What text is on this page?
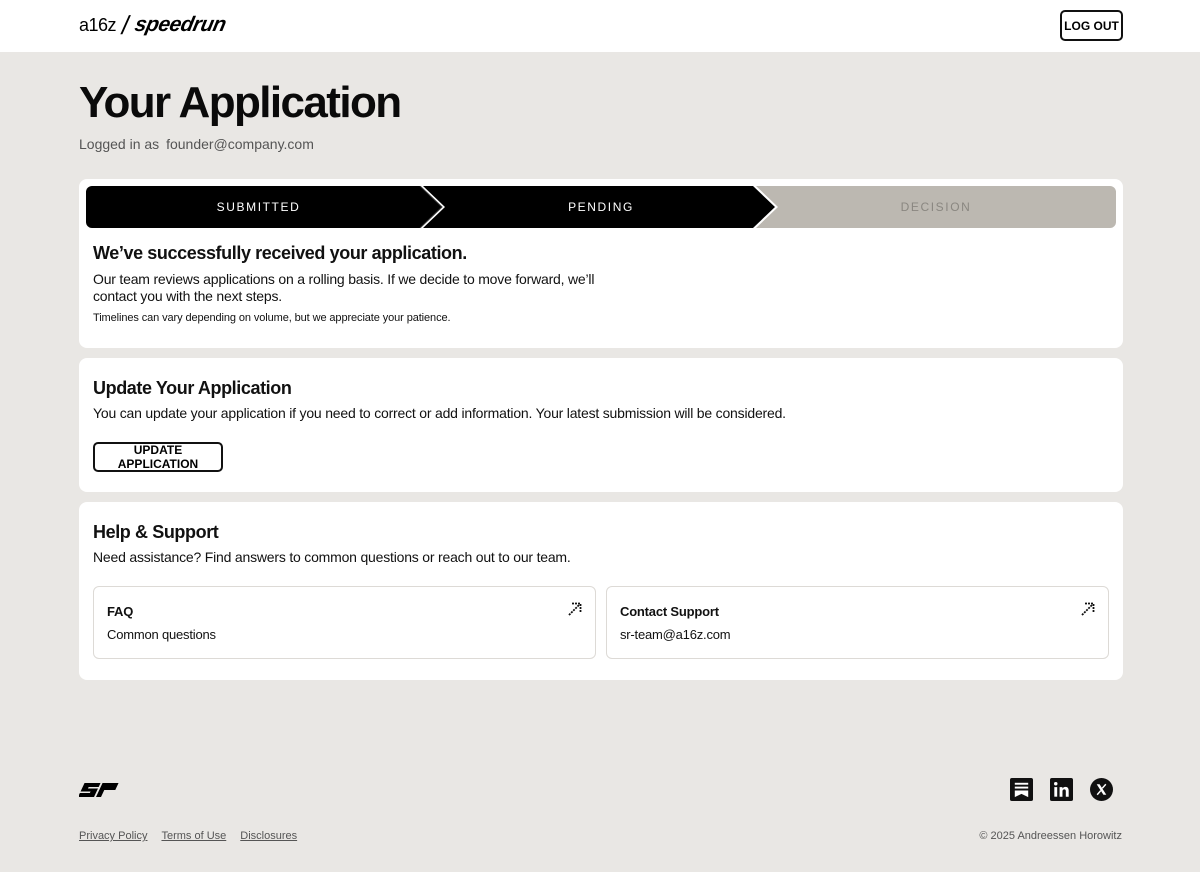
a16z / speedrun	LOG OUT
Your Application
Logged in as founder@company.com
SUBMITTED	PENDING	DECISION
We’ve successfully received your application.
Our team reviews applications on a rolling basis. If we decide to move forward, we’ll contact you with the next steps.
Timelines can vary depending on volume, but we appreciate your patience.
Update Your Application
You can update your application if you need to correct or add information. Your latest submission will be considered.
UPDATE APPLICATION
Help & Support
Need assistance? Find answers to common questions or reach out to our team.
FAQ
Common questions
Contact Support
sr-team@a16z.com
Privacy Policy Terms of Use Disclosures	© 2025 Andreessen Horowitz
